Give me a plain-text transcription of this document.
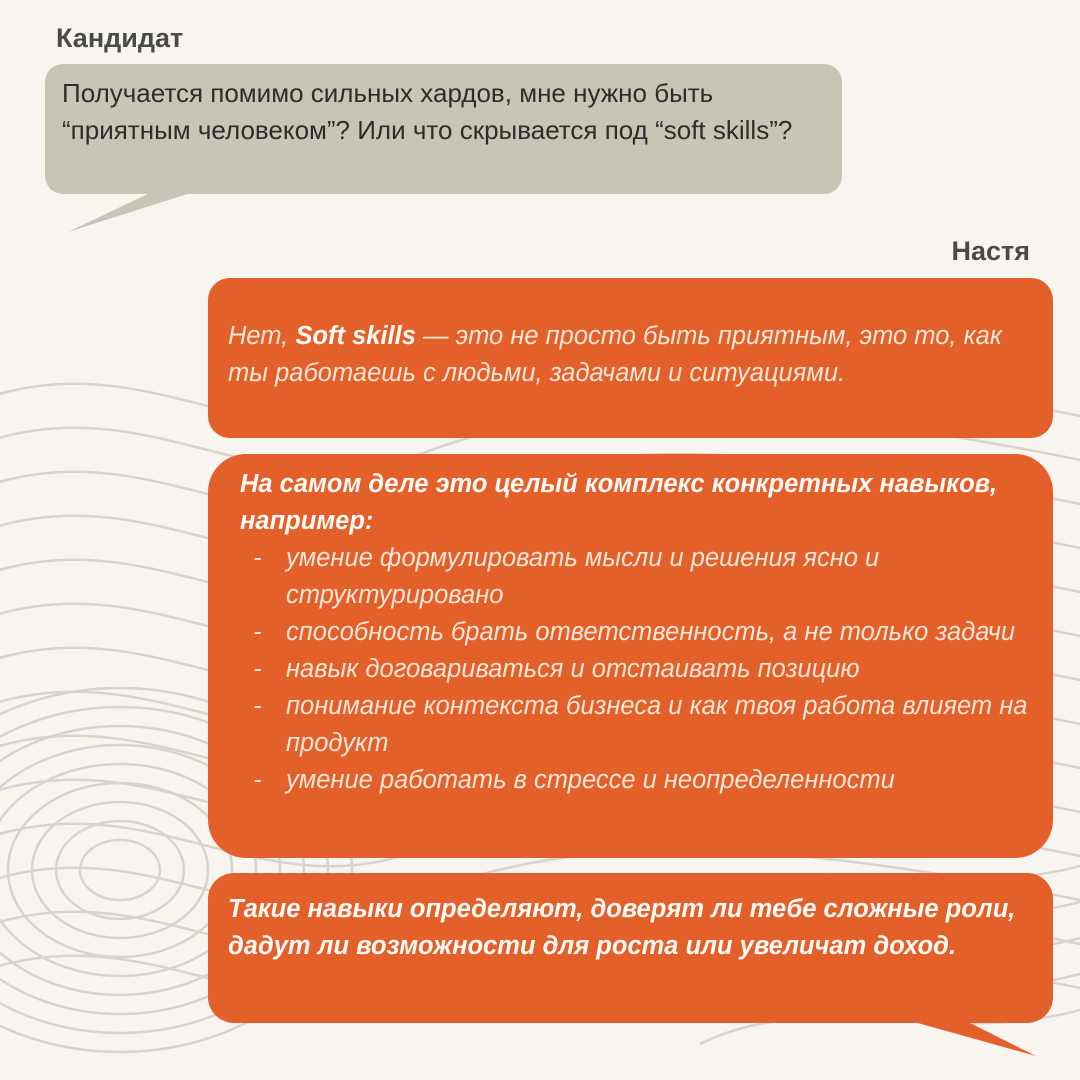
Кандидат
Получается помимо сильных хардов, мне нужно быть “приятным человеком”? Или что скрывается под “soft skills”?
Настя
Нет, Soft skills — это не просто быть приятным, это то, как ты работаешь с людьми, задачами и ситуациями.
На самом деле это целый комплекс конкретных навыков, например:
- умение формулировать мысли и решения ясно и структурировано
- способность брать ответственность, а не только задачи
- навык договариваться и отстаивать позицию
- понимание контекста бизнеса и как твоя работа влияет на продукт
- умение работать в стрессе и неопределенности
Такие навыки определяют, доверят ли тебе сложные роли, дадут ли возможности для роста или увеличат доход.
